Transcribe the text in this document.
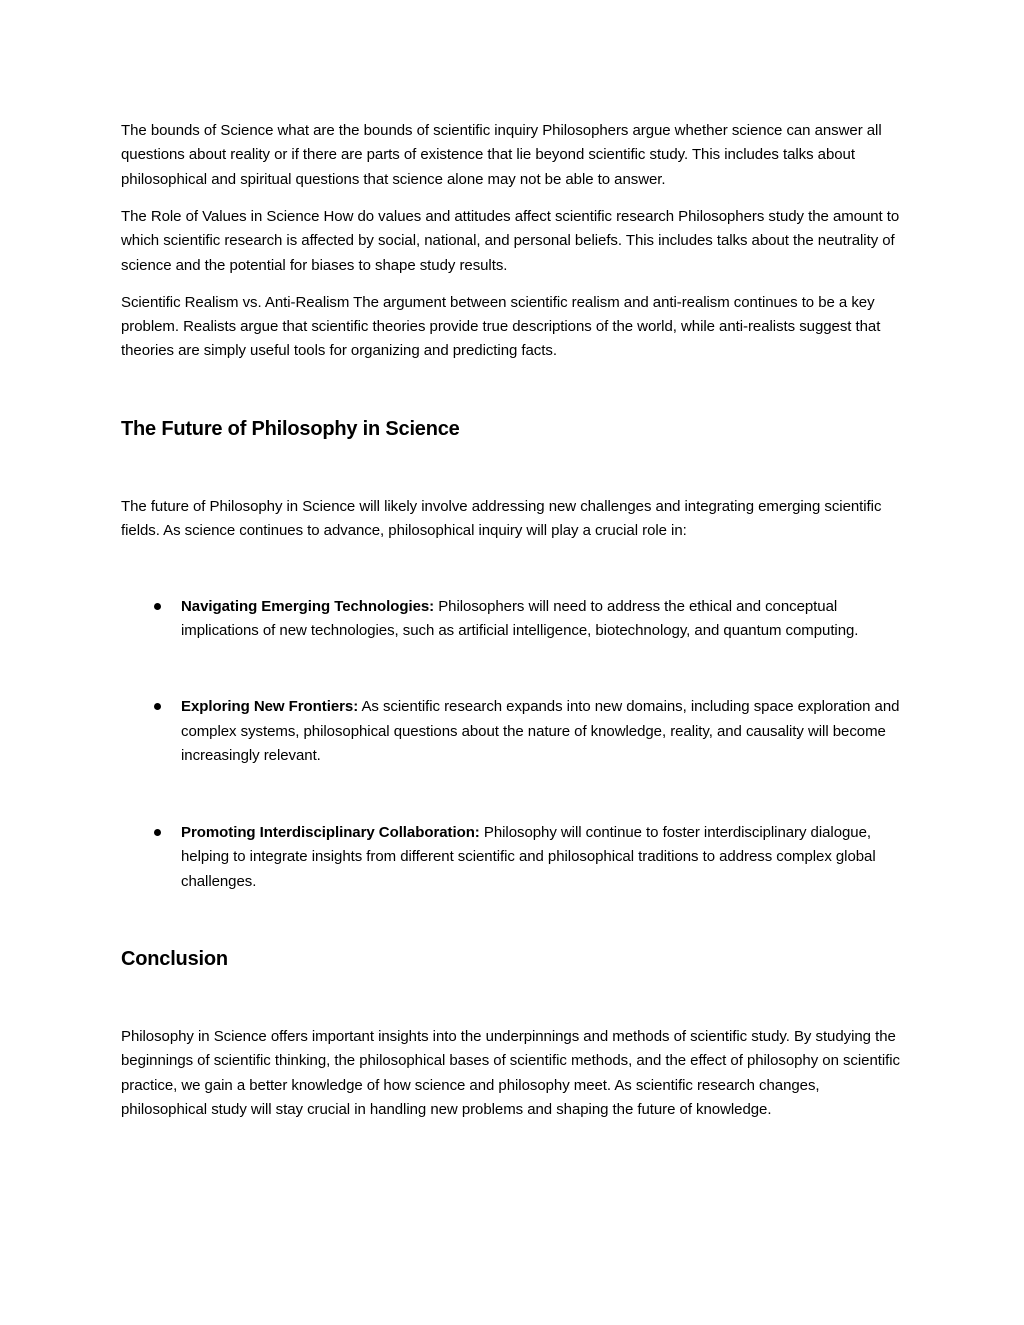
The bounds of Science what are the bounds of scientific inquiry Philosophers argue whether science can answer all questions about reality or if there are parts of existence that lie beyond scientific study. This includes talks about philosophical and spiritual questions that science alone may not be able to answer.

The Role of Values in Science How do values and attitudes affect scientific research Philosophers study the amount to which scientific research is affected by social, national, and personal beliefs. This includes talks about the neutrality of science and the potential for biases to shape study results.

Scientific Realism vs. Anti-Realism The argument between scientific realism and anti-realism continues to be a key problem. Realists argue that scientific theories provide true descriptions of the world, while anti-realists suggest that theories are simply useful tools for organizing and predicting facts.

The Future of Philosophy in Science

The future of Philosophy in Science will likely involve addressing new challenges and integrating emerging scientific fields. As science continues to advance, philosophical inquiry will play a crucial role in:

Navigating Emerging Technologies: Philosophers will need to address the ethical and conceptual implications of new technologies, such as artificial intelligence, biotechnology, and quantum computing.
Exploring New Frontiers: As scientific research expands into new domains, including space exploration and complex systems, philosophical questions about the nature of knowledge, reality, and causality will become increasingly relevant.
Promoting Interdisciplinary Collaboration: Philosophy will continue to foster interdisciplinary dialogue, helping to integrate insights from different scientific and philosophical traditions to address complex global challenges.
Conclusion

Philosophy in Science offers important insights into the underpinnings and methods of scientific study. By studying the beginnings of scientific thinking, the philosophical bases of scientific methods, and the effect of philosophy on scientific practice, we gain a better knowledge of how science and philosophy meet. As scientific research changes, philosophical study will stay crucial in handling new problems and shaping the future of knowledge.
